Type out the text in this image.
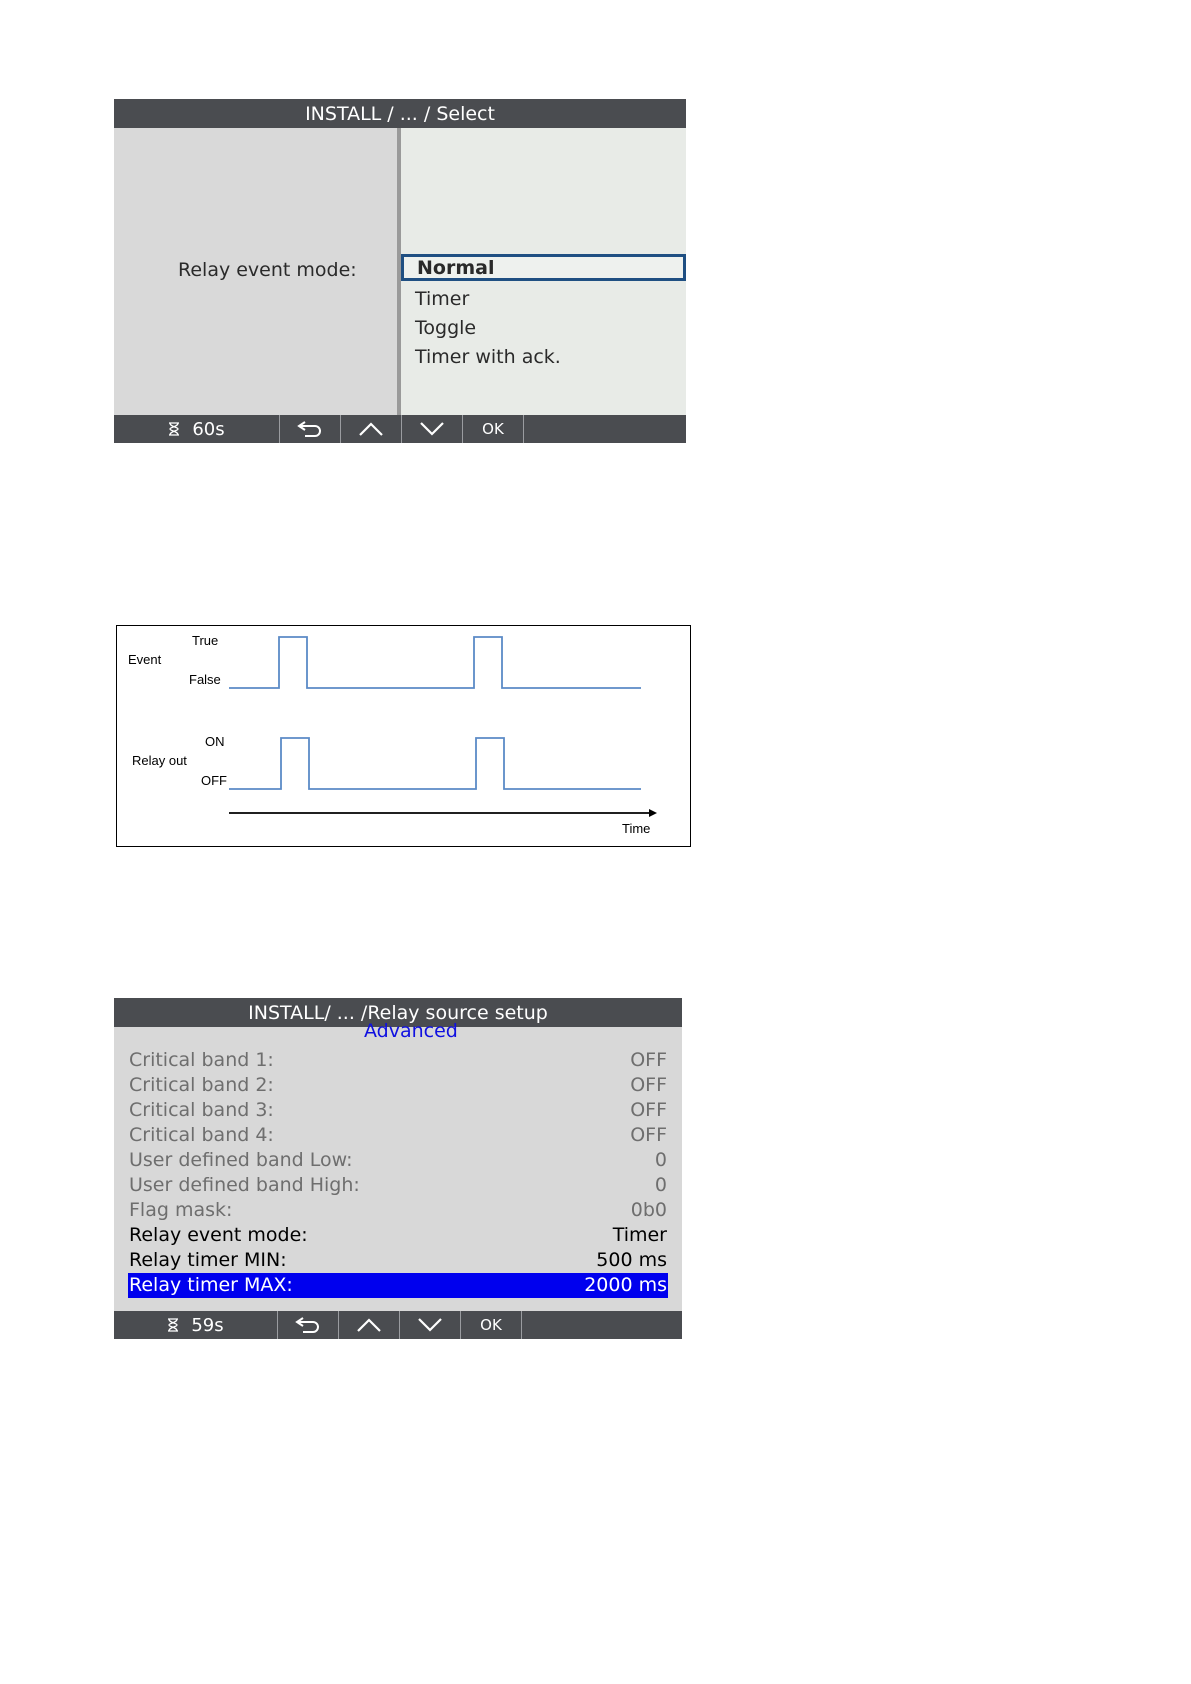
INSTALL / ... / Select
Relay event mode:	Normal
Timer
Toggle
Timer with ack.
60s	OK
Event
True
False
Relay out
ON
OFF
Time
INSTALL/ ... /Relay source setup
Advanced
Critical band 1:	OFF
Critical band 2:	OFF
Critical band 3:	OFF
Critical band 4:	OFF
User defined band Low:	0
User defined band High:	0
Flag mask:	0b0
Relay event mode:	Timer
Relay timer MIN:	500 ms
Relay timer MAX:	2000 ms
59s	OK
